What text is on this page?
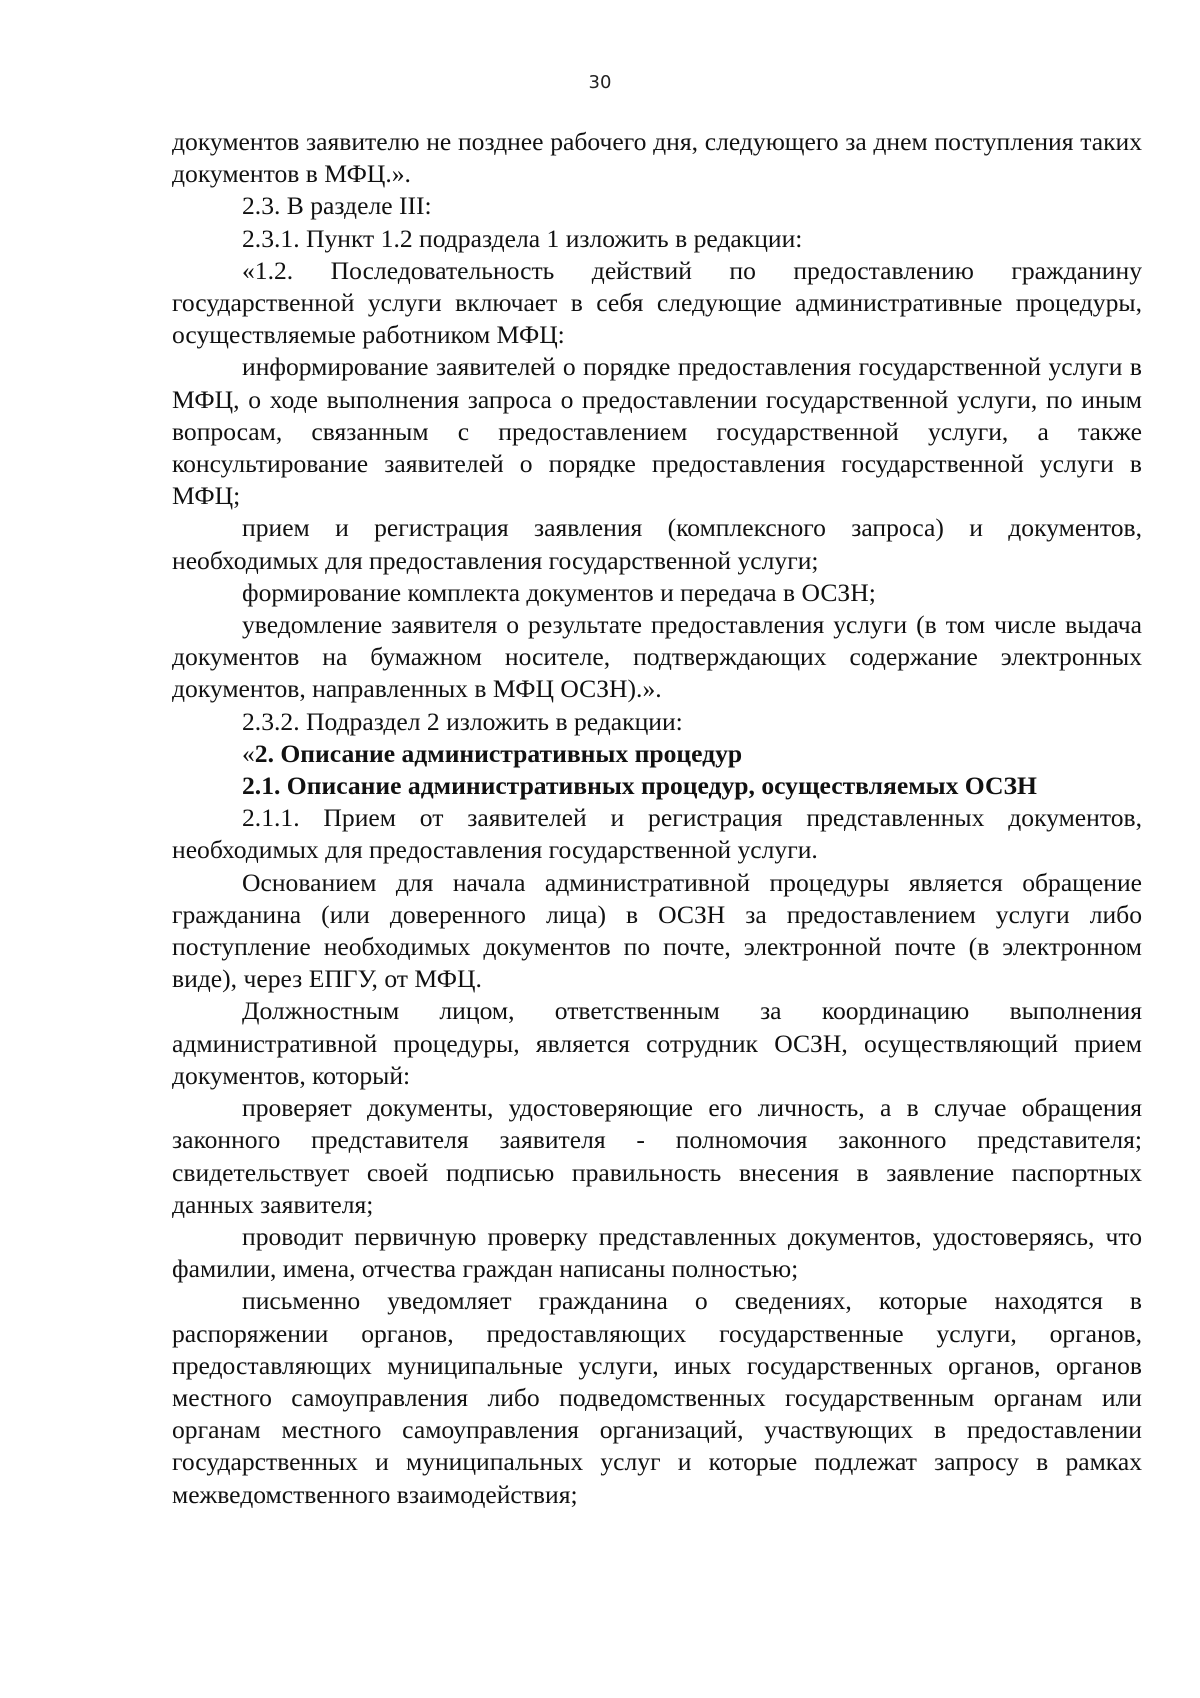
30

документов заявителю не позднее рабочего дня, следующего за днем поступления таких документов в МФЦ.».

2.3. В разделе III:

2.3.1. Пункт 1.2 подраздела 1 изложить в редакции:

«1.2. Последовательность действий по предоставлению гражданину государственной услуги включает в себя следующие административные процедуры, осуществляемые работником МФЦ:

информирование заявителей о порядке предоставления государственной услуги в МФЦ, о ходе выполнения запроса о предоставлении государственной услуги, по иным вопросам, связанным с предоставлением государственной услуги, а также консультирование заявителей о порядке предоставления государственной услуги в МФЦ;

прием и регистрация заявления (комплексного запроса) и документов, необходимых для предоставления государственной услуги;

формирование комплекта документов и передача в ОСЗН;

уведомление заявителя о результате предоставления услуги (в том числе выдача документов на бумажном носителе, подтверждающих содержание электронных документов, направленных в МФЦ ОСЗН).».

2.3.2. Подраздел 2 изложить в редакции:

«2. Описание административных процедур

2.1. Описание административных процедур, осуществляемых ОСЗН

2.1.1. Прием от заявителей и регистрация представленных документов, необходимых для предоставления государственной услуги.

Основанием для начала административной процедуры является обращение гражданина (или доверенного лица) в ОСЗН за предоставлением услуги либо поступление необходимых документов по почте, электронной почте (в электронном виде), через ЕПГУ, от МФЦ.

Должностным лицом, ответственным за координацию выполнения административной процедуры, является сотрудник ОСЗН, осуществляющий прием документов, который:

проверяет документы, удостоверяющие его личность, а в случае обращения законного представителя заявителя - полномочия законного представителя; свидетельствует своей подписью правильность внесения в заявление паспортных данных заявителя;

проводит первичную проверку представленных документов, удостоверяясь, что фамилии, имена, отчества граждан написаны полностью;

письменно уведомляет гражданина о сведениях, которые находятся в распоряжении органов, предоставляющих государственные услуги, органов, предоставляющих муниципальные услуги, иных государственных органов, органов местного самоуправления либо подведомственных государственным органам или органам местного самоуправления организаций, участвующих в предоставлении государственных и муниципальных услуг и которые подлежат запросу в рамках межведомственного взаимодействия;
